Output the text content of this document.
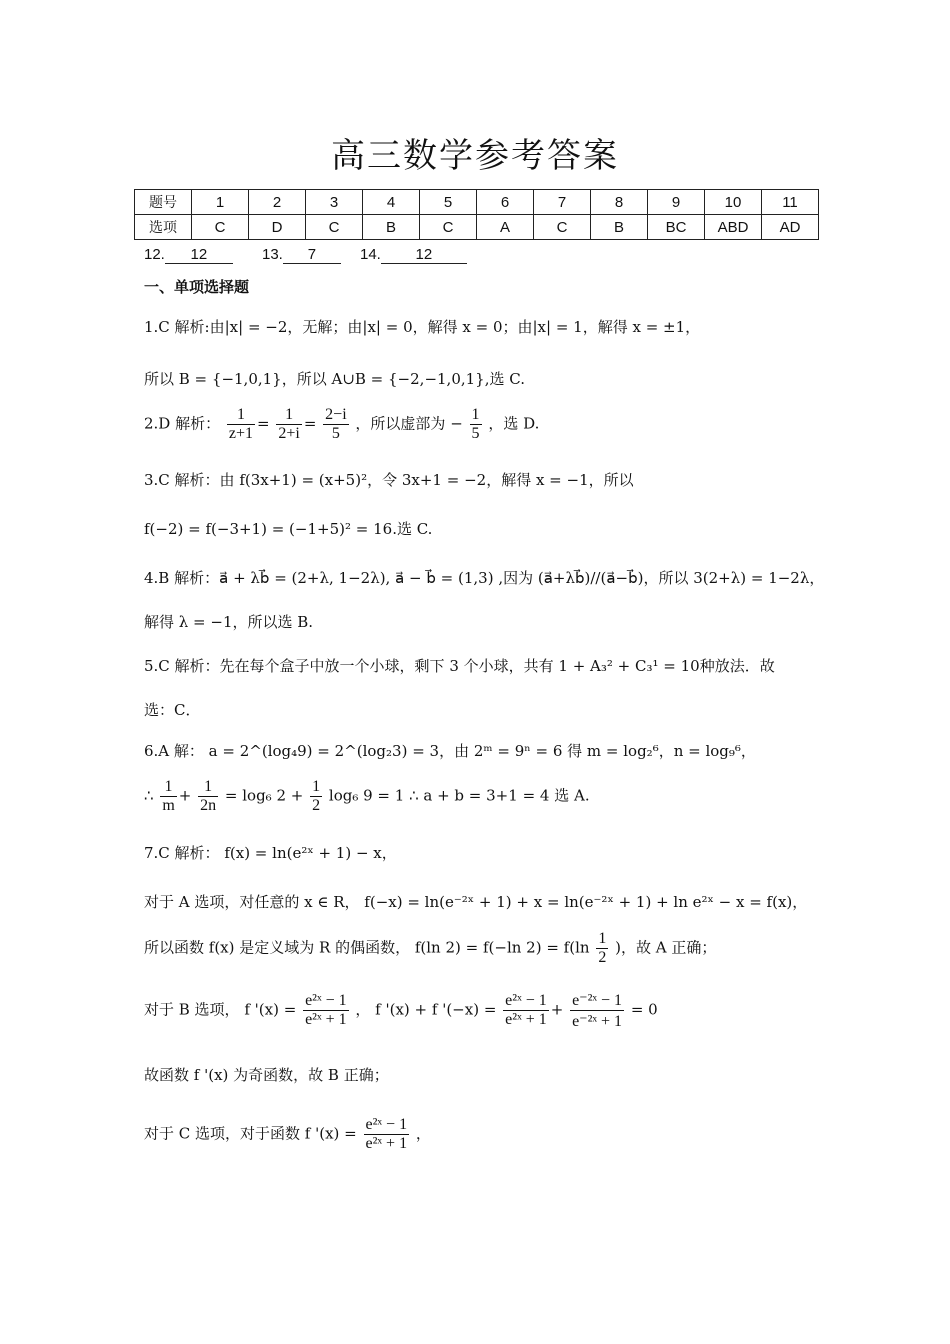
高三数学参考答案
题号	1	2	3	4	5	6	7	8	9	10	11
选项	C	D	C	B	C	A	C	B	BC	ABD	AD
12. 12	13. 7	14. 12
一、单项选择题
1.C 解析:由|x| = −2，无解；由|x| = 0，解得 x = 0；由|x| = 1，解得 x = ±1，
所以 B = {−1,0,1}，所以 A∪B = {−2,−1,0,1},选 C.
2.D 解析： $\frac{1}{z+1} = \frac{1}{2+i} = \frac{2-i}{5}$ ，所以虚部为 − $\frac{1}{5}$ ，选 D.
3.C 解析：由 f(3x+1) = (x+5)²，令 3x+1 = −2，解得 x = −1，所以
f(−2) = f(−3+1) = (−1+5)² = 16.选 C.
4.B 解析：a⃗ + λb⃗ = (2+λ, 1−2λ), a⃗ − b⃗ = (1,3) ,因为 (a⃗+λb⃗)//(a⃗−b⃗)，所以 3(2+λ) = 1−2λ，
解得 λ = −1，所以选 B.
5.C 解析：先在每个盒子中放一个小球，剩下 3 个小球，共有 1 + A₃² + C₃¹ = 10种放法．故
选：C．
6.A 解： a = 2^(log₄9) = 2^(log₂3) = 3，由 2ᵐ = 9ⁿ = 6 得 m = log₂⁶，n = log₉⁶，
∴ $\frac{1}{m} + \frac{1}{2n} = \log_6$ $2 + \frac{1}{2} \log_6$ 9 = 1 ∴ a + b = 3+1 = 4 选 A.
7.C 解析： f(x) = ln(e²ˣ + 1) − x，
对于 A 选项，对任意的 x ∈ R， f(−x) = ln(e⁻²ˣ + 1) + x = ln(e⁻²ˣ + 1) + ln e²ˣ − x = f(x)，
所以函数 f(x) 是定义域为 R 的偶函数， f(ln 2) = f(−ln $2) = f(\ln \frac{1}{2}$ )，故 A 正确；
对于 B 选项， f '$(x) = \frac{\text{e²ˣ − 1}}{\text{e²ˣ + 1}}$ ， f '(x) + f '$(-x) = \frac{\text{e²ˣ − 1}}{\text{e²ˣ + 1}} + \frac{\text{e⁻²ˣ − 1}}{\text{e⁻²ˣ + 1}} = 0$
故函数 f '(x) 为奇函数，故 B 正确；
对于 C 选项，对于函数 f '$(x) = \frac{\text{e²ˣ − 1}}{\text{e²ˣ + 1}}$ ，
